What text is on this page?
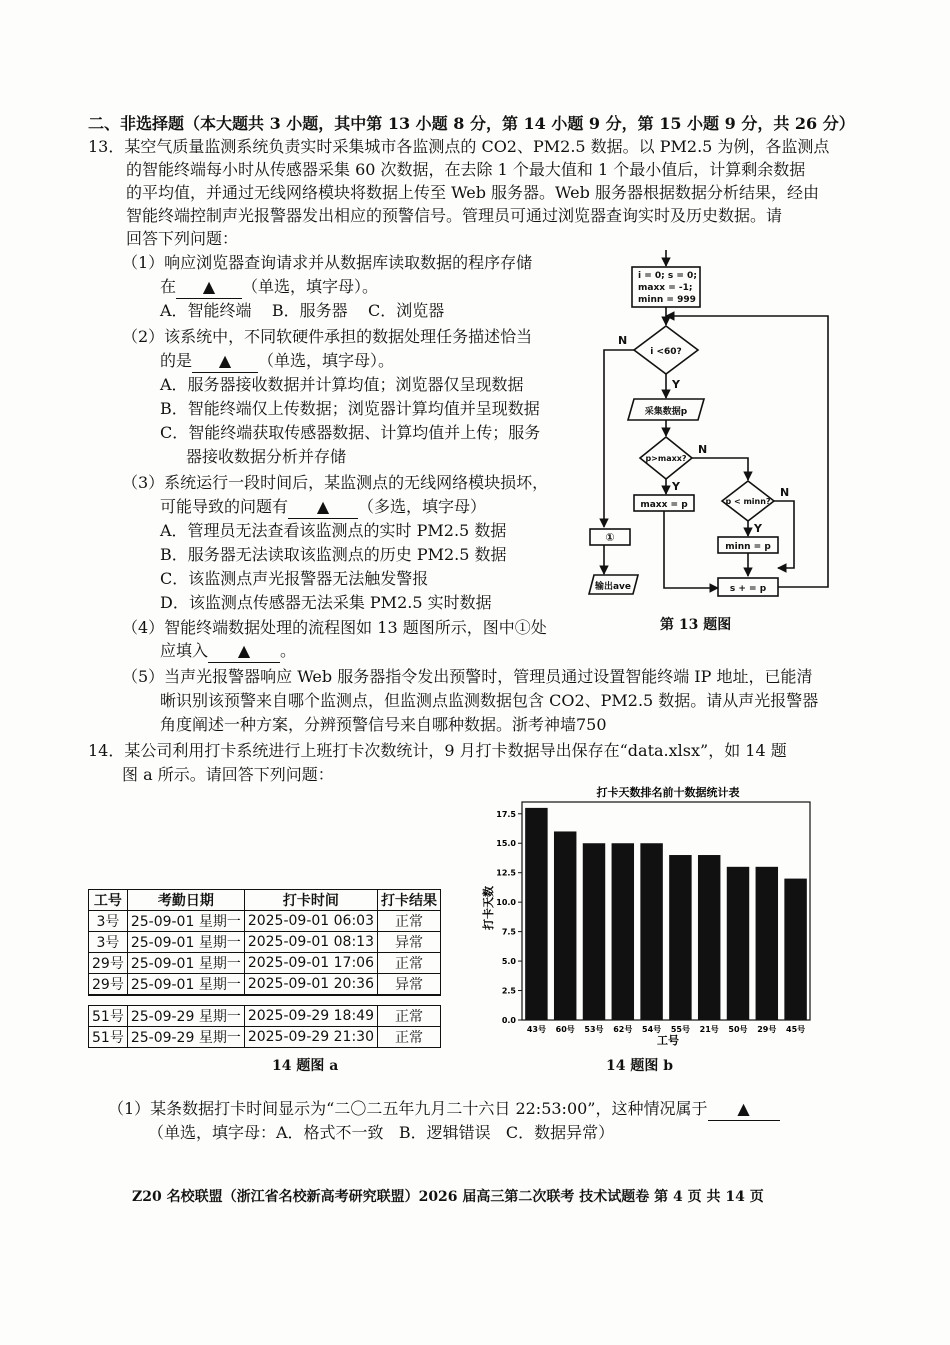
二、非选择题（本大题共 3 小题，其中第 13 小题 8 分，第 14 小题 9 分，第 15 小题 9 分，共 26 分）
13．某空气质量监测系统负责实时采集城市各监测点的 CO2、PM2.5 数据。以 PM2.5 为例，各监测点
的智能终端每小时从传感器采集 60 次数据，在去除 1 个最大值和 1 个最小值后，计算剩余数据
的平均值，并通过无线网络模块将数据上传至 Web 服务器。Web 服务器根据数据分析结果，经由
智能终端控制声光报警器发出相应的预警信号。管理员可通过浏览器查询实时及历史数据。请
回答下列问题：
（1）响应浏览器查询请求并从数据库读取数据的程序存储
在 ▲ （单选，填字母）。
A．智能终端    B．服务器    C．浏览器
（2）该系统中，不同软硬件承担的数据处理任务描述恰当
的是 ▲ （单选，填字母）。
A．服务器接收数据并计算均值；浏览器仅呈现数据
B．智能终端仅上传数据；浏览器计算均值并呈现数据
C．智能终端获取传感器数据、计算均值并上传；服务
器接收数据分析并存储
（3）系统运行一段时间后，某监测点的无线网络模块损坏，
可能导致的问题有 ▲ （多选，填字母）
A．管理员无法查看该监测点的实时 PM2.5 数据
B．服务器无法读取该监测点的历史 PM2.5 数据
C．该监测点声光报警器无法触发警报
D．该监测点传感器无法采集 PM2.5 实时数据
（4）智能终端数据处理的流程图如 13 题图所示，图中①处
应填入 ▲ 。
（5）当声光报警器响应 Web 服务器指令发出预警时，管理员通过设置智能终端 IP 地址，已能清
晰识别该预警来自哪个监测点，但监测点监测数据包含 CO2、PM2.5 数据。请从声光报警器
角度阐述一种方案，分辨预警信号来自哪种数据。浙考神墙750
i = 0; s = 0;
maxx = -1;
minn = 999
i <60?
N
Y
采集数据p
p>maxx?
N
Y
maxx = p	p < minn?
N
Y
minn = p
s + = p
①
输出ave
第 13 题图
14．某公司利用打卡系统进行上班打卡次数统计，9 月打卡数据导出保存在“data.xlsx”，如 14 题
图 a 所示。请回答下列问题：
工号	考勤日期	打卡时间	打卡结果
3号	25-09-01 星期一	2025-09-01 06:03	正常
3号	25-09-01 星期一	2025-09-01 08:13	异常
29号	25-09-01 星期一	2025-09-01 17:06	正常
29号	25-09-01 星期一	2025-09-01 20:36	异常

51号	25-09-29 星期一	2025-09-29 18:49	正常
51号	25-09-29 星期一	2025-09-29 21:30	正常
14 题图 a
打卡天数排名前十数据统计表
打卡天数
工号
0.0
2.5
5.0
7.5
10.0
12.5
15.0
17.5
43号 60号 53号 62号 54号 55号 21号 50号 29号 45号
14 题图 b
（1）某条数据打卡时间显示为“二〇二五年九月二十六日 22:53:00”，这种情况属于 ▲
（单选，填字母：A．格式不一致   B．逻辑错误   C．数据异常）
Z20 名校联盟（浙江省名校新高考研究联盟）2026 届高三第二次联考 技术试题卷 第 4 页 共 14 页
